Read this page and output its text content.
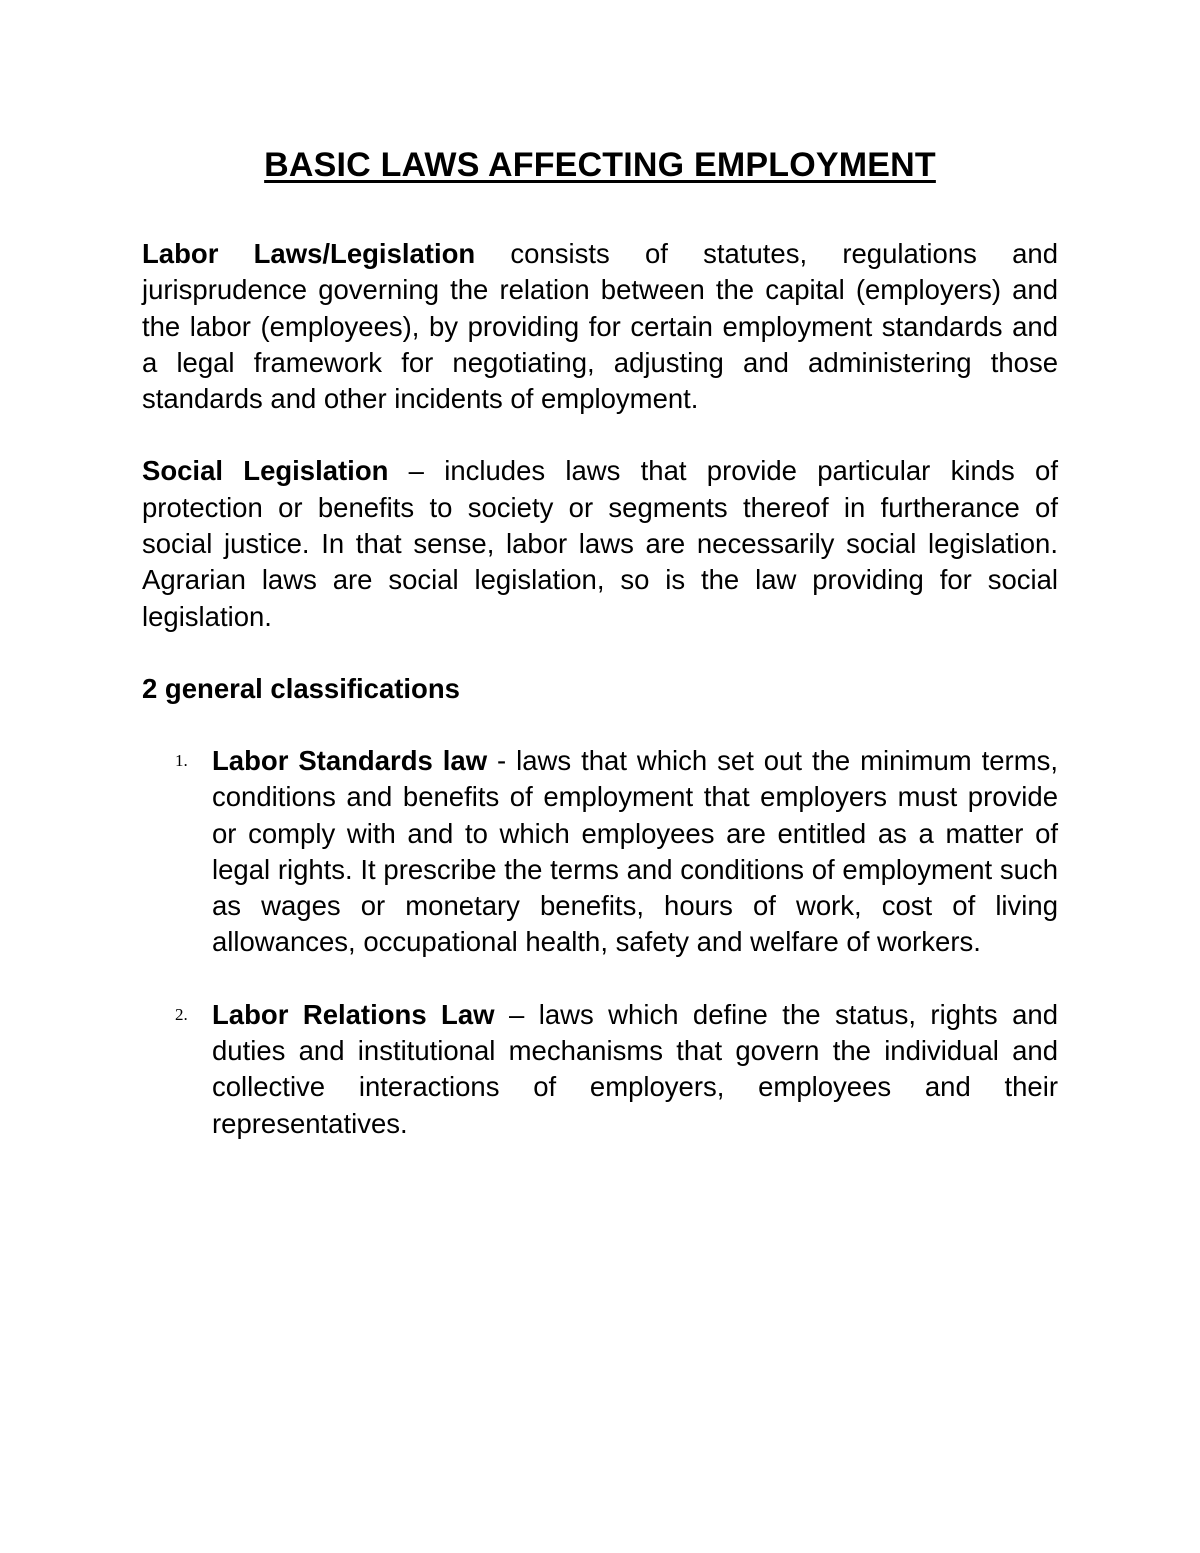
BASIC LAWS AFFECTING EMPLOYMENT

Labor Laws/Legislation consists of statutes, regulations and jurisprudence governing the relation between the capital (employers) and the labor (employees), by providing for certain employment standards and a legal framework for negotiating, adjusting and administering those standards and other incidents of employment.

Social Legislation – includes laws that provide particular kinds of protection or benefits to society or segments thereof in furtherance of social justice. In that sense, labor laws are necessarily social legislation. Agrarian laws are social legislation, so is the law providing for social legislation.

2 general classifications

1. Labor Standards law - laws that which set out the minimum terms, conditions and benefits of employment that employers must provide or comply with and to which employees are entitled as a matter of legal rights. It prescribe the terms and conditions of employment such as wages or monetary benefits, hours of work, cost of living allowances, occupational health, safety and welfare of workers.
2. Labor Relations Law – laws which define the status, rights and duties and institutional mechanisms that govern the individual and collective interactions of employers, employees and their representatives.
